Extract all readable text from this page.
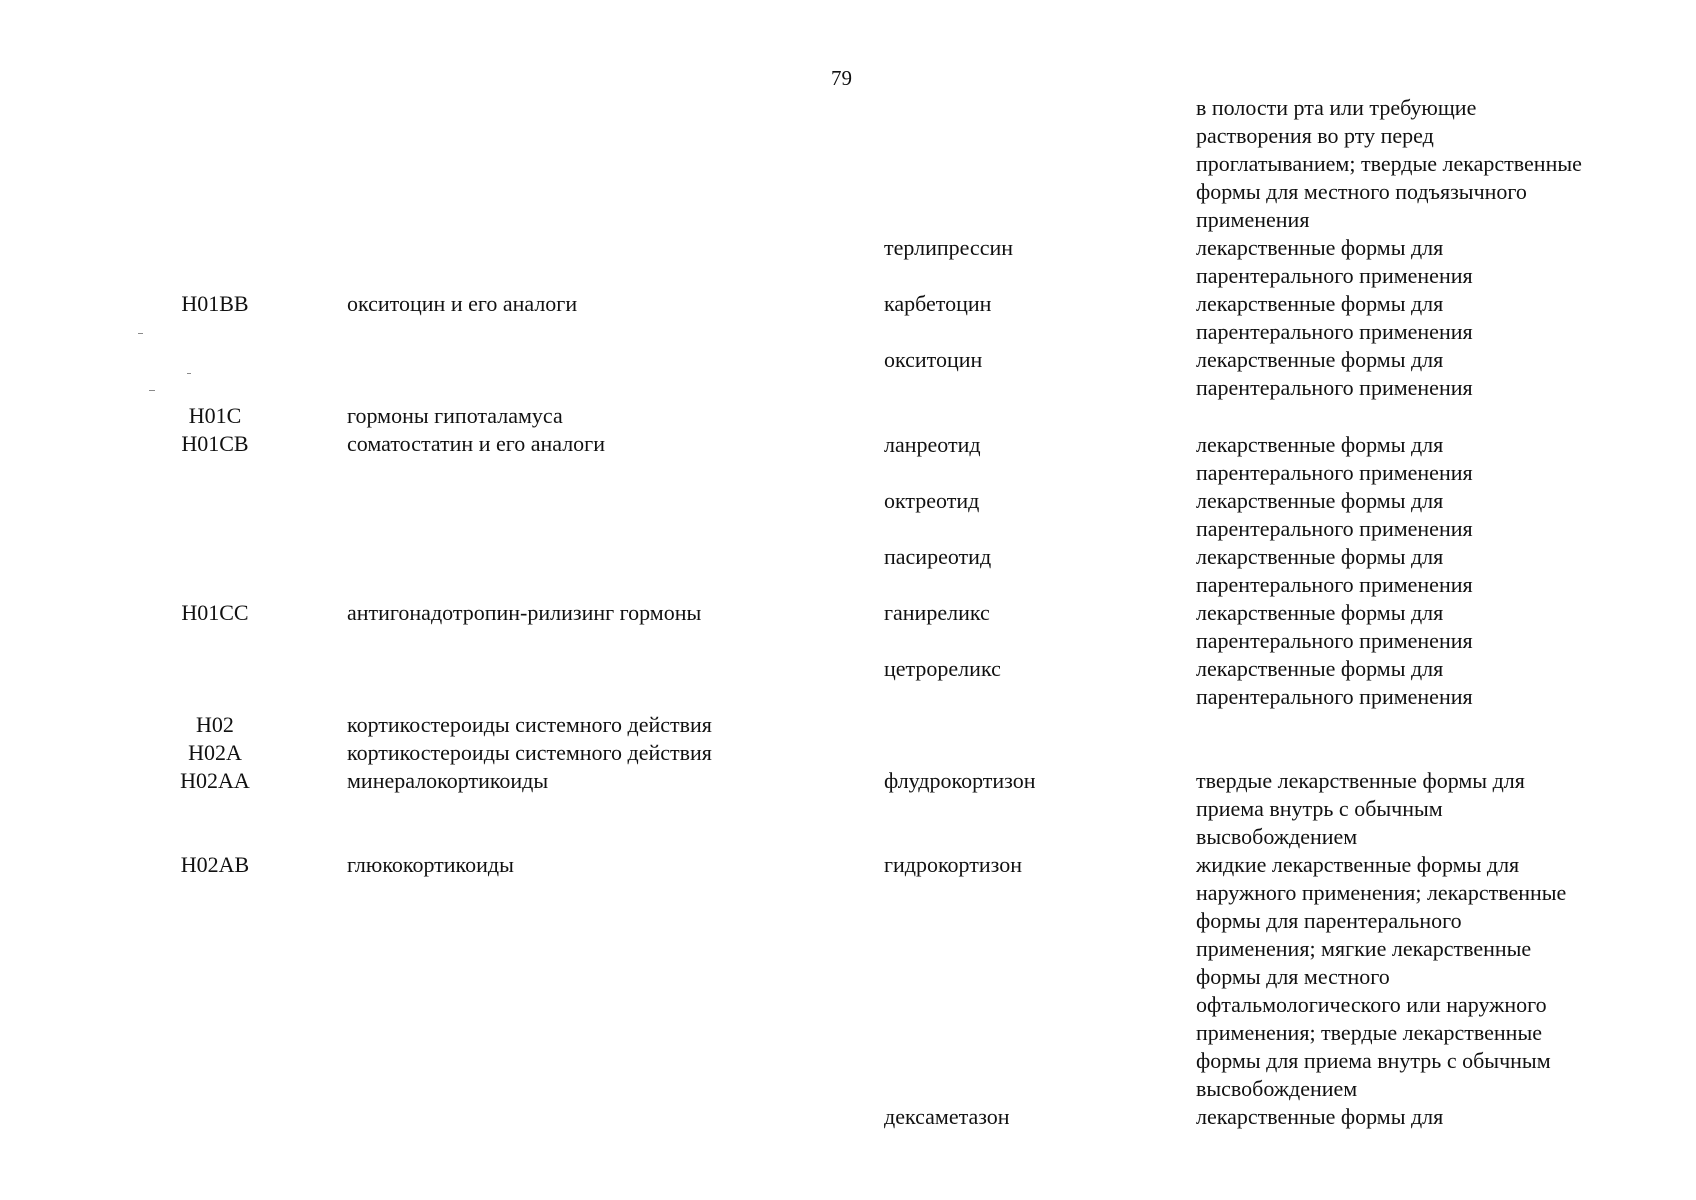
79
в полости рта или требующие
растворения во рту перед
проглатыванием; твердые лекарственные
формы для местного подъязычного
применения
терлипрессин	лекарственные формы для
парентерального применения
H01BB	окситоцин и его аналоги	карбетоцин	лекарственные формы для
парентерального применения
окситоцин	лекарственные формы для
парентерального применения
H01C	гормоны гипоталамуса
H01CB	соматостатин и его аналоги	ланреотид	лекарственные формы для
парентерального применения
октреотид	лекарственные формы для
парентерального применения
пасиреотид	лекарственные формы для
парентерального применения
H01CC	антигонадотропин-рилизинг гормоны	ганиреликс	лекарственные формы для
парентерального применения
цетрореликс	лекарственные формы для
парентерального применения
H02	кортикостероиды системного действия
H02A	кортикостероиды системного действия
H02AA	минералокортикоиды	флудрокортизон	твердые лекарственные формы для
приема внутрь с обычным
высвобождением
H02AB	глюкокортикоиды	гидрокортизон	жидкие лекарственные формы для
наружного применения; лекарственные
формы для парентерального
применения; мягкие лекарственные
формы для местного
офтальмологического или наружного
применения; твердые лекарственные
формы для приема внутрь с обычным
высвобождением
дексаметазон	лекарственные формы для
